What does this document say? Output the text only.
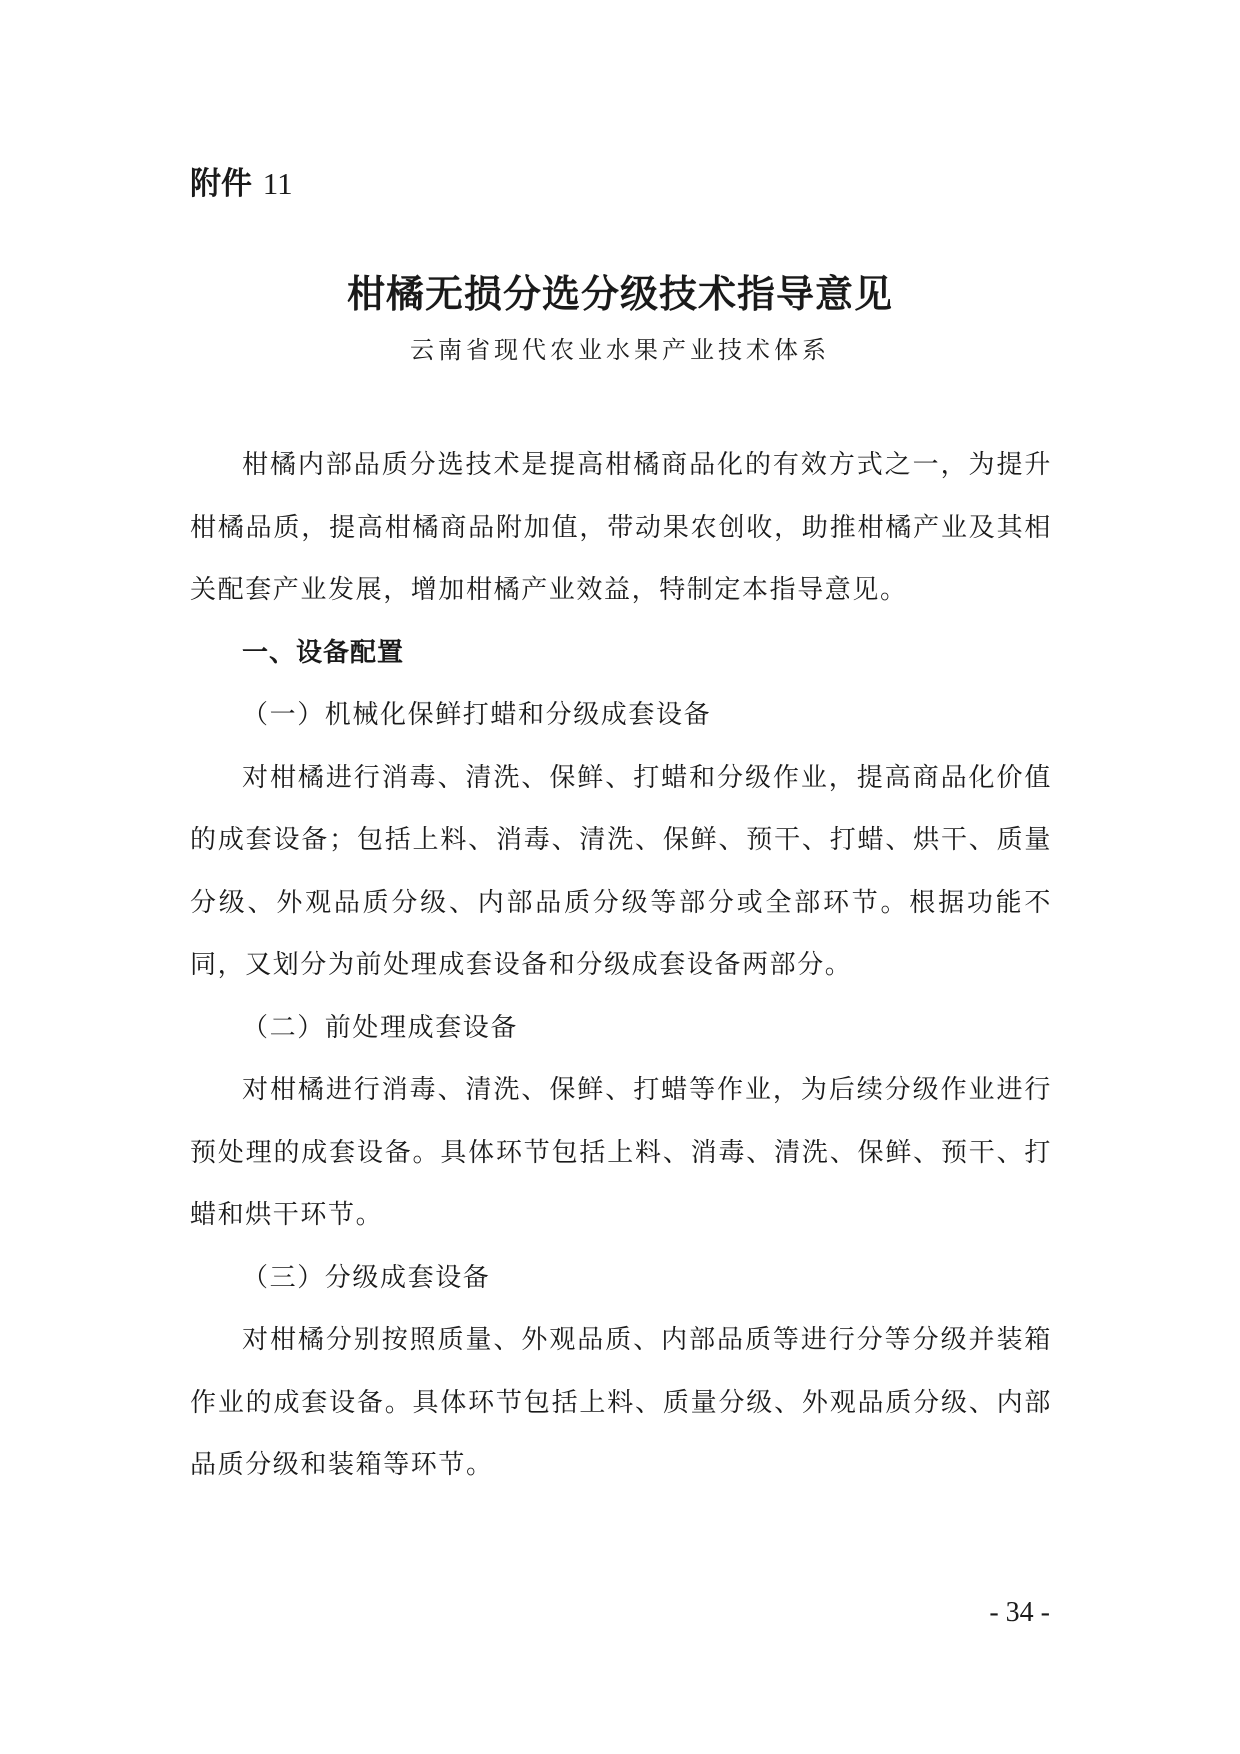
附件 11
柑橘无损分选分级技术指导意见
云南省现代农业水果产业技术体系

柑橘内部品质分选技术是提高柑橘商品化的有效方式之一，为提升柑橘品质，提高柑橘商品附加值，带动果农创收，助推柑橘产业及其相关配套产业发展，增加柑橘产业效益，特制定本指导意见。

一、设备配置

（一）机械化保鲜打蜡和分级成套设备

对柑橘进行消毒、清洗、保鲜、打蜡和分级作业，提高商品化价值的成套设备；包括上料、消毒、清洗、保鲜、预干、打蜡、烘干、质量分级、外观品质分级、内部品质分级等部分或全部环节。根据功能不同，又划分为前处理成套设备和分级成套设备两部分。

（二）前处理成套设备

对柑橘进行消毒、清洗、保鲜、打蜡等作业，为后续分级作业进行预处理的成套设备。具体环节包括上料、消毒、清洗、保鲜、预干、打蜡和烘干环节。

（三）分级成套设备

对柑橘分别按照质量、外观品质、内部品质等进行分等分级并装箱作业的成套设备。具体环节包括上料、质量分级、外观品质分级、内部品质分级和装箱等环节。

- 34 -
